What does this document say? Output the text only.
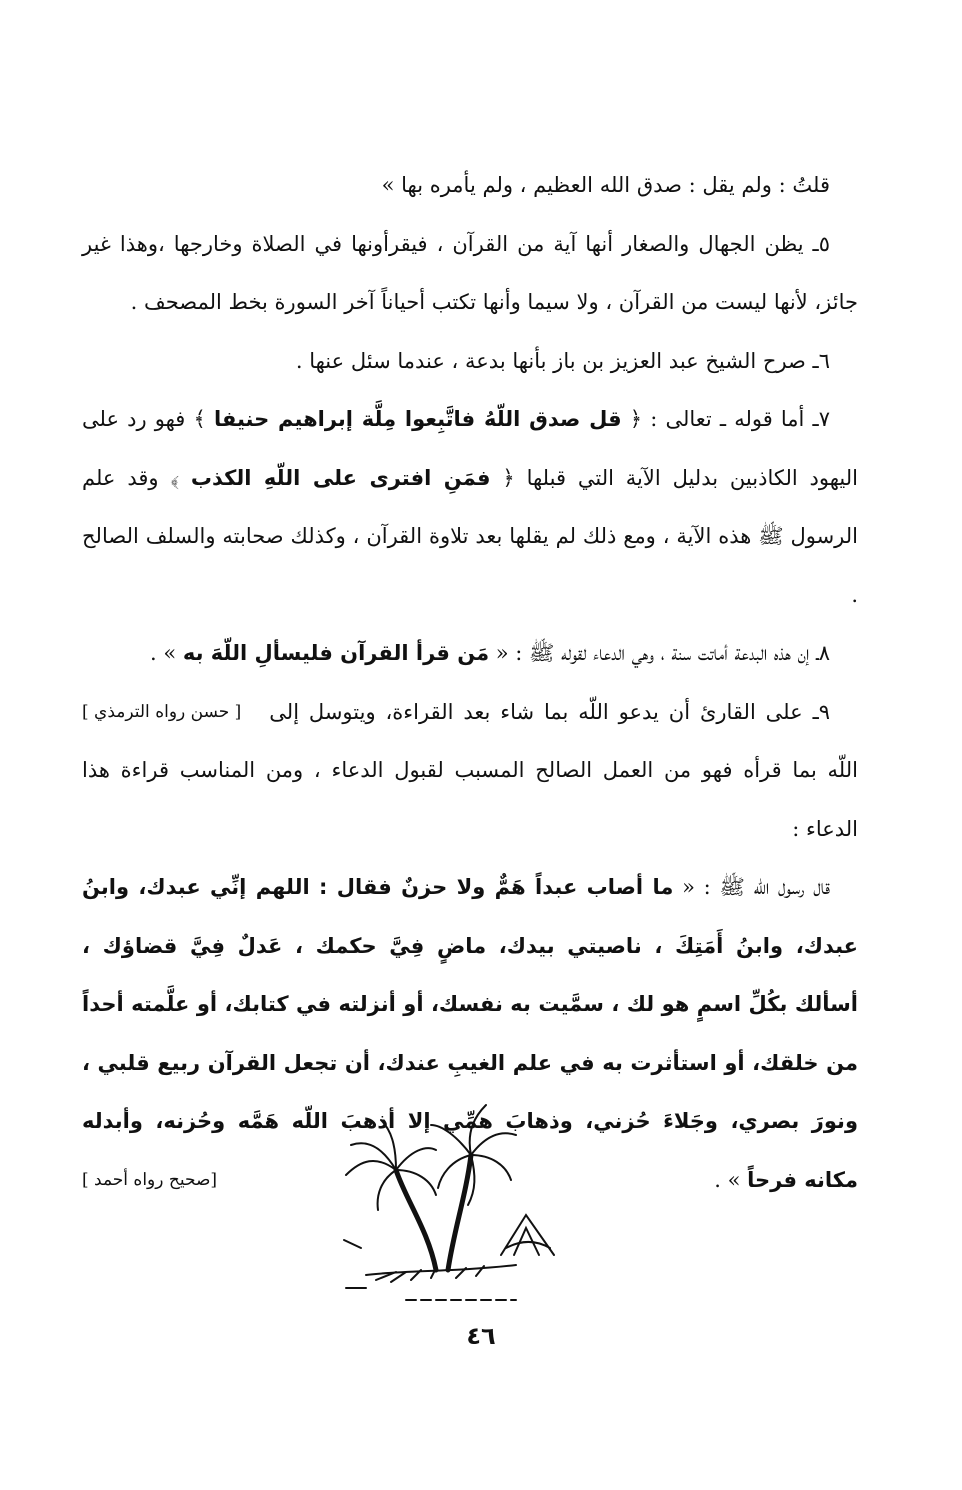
قلتُ : ولم يقل : صدق الله العظيم ، ولم يأمره بها »

٥ـ يظن الجهال والصغار أنها آية من القرآن ، فيقرأونها في الصلاة وخارجها ،وهذا غير جائز، لأنها ليست من القرآن ، ولا سيما وأنها تكتب أحياناً آخر السورة بخط المصحف .

٦ـ صرح الشيخ عبد العزيز بن باز بأنها بدعة ، عندما سئل عنها .

٧ـ أما قوله ـ تعالى : ﴿ قل صدق اللّهُ فاتَّبِعوا مِلَّة إبراهيم حنيفا ﴾ فهو رد على اليهود الكاذبين بدليل الآية التي قبلها ﴿ فمَنِ افترى على اللّهِ الكذب ﴾ وقد علم الرسول ﷺ هذه الآية ، ومع ذلك لم يقلها بعد تلاوة القرآن ، وكذلك صحابته والسلف الصالح .

٨ـ إن هذه البدعة أماتت سنة ، وهي الدعاء لقوله ﷺ : « مَن قرأ القرآن فليسألِ اللّهَ به » .
[ حسن رواه الترمذي ]	٩ـ على القارئ أن يدعو اللّه بما شاء بعد القراءة، ويتوسل إلى اللّه بما قرأه فهو من العمل الصالح المسبب لقبول الدعاء ، ومن المناسب قراءة هذا الدعاء :

قال رسول اللّه ﷺ : « ما أصاب عبداً هَمٌّ ولا حزنٌ فقال : اللهم إنِّي عبدك، وابنُ عبدك، وابنُ أَمَتِكَ ، ناصيتي بيدك، ماضٍ فِيَّ حكمك ، عَدلٌ فِيَّ قضاؤك ، أسألك بكُلِّ اسمٍ هو لك ، سمَّيت به نفسك، أو أنزلته في كتابك، أو علَّمته أحداً من خلقك، أو استأثرت به في علم الغيبِ عندك، أن تجعل القرآن ربيع قلبي ، ونورَ بصري، وجَلاءَ حُزني، وذهابَ همِّي إلا أذهبَ اللّه هَمَّه وحُزنه، وأبدله مكانه فرحاً » .
[صحيح رواه أحمد ]

٤٦
